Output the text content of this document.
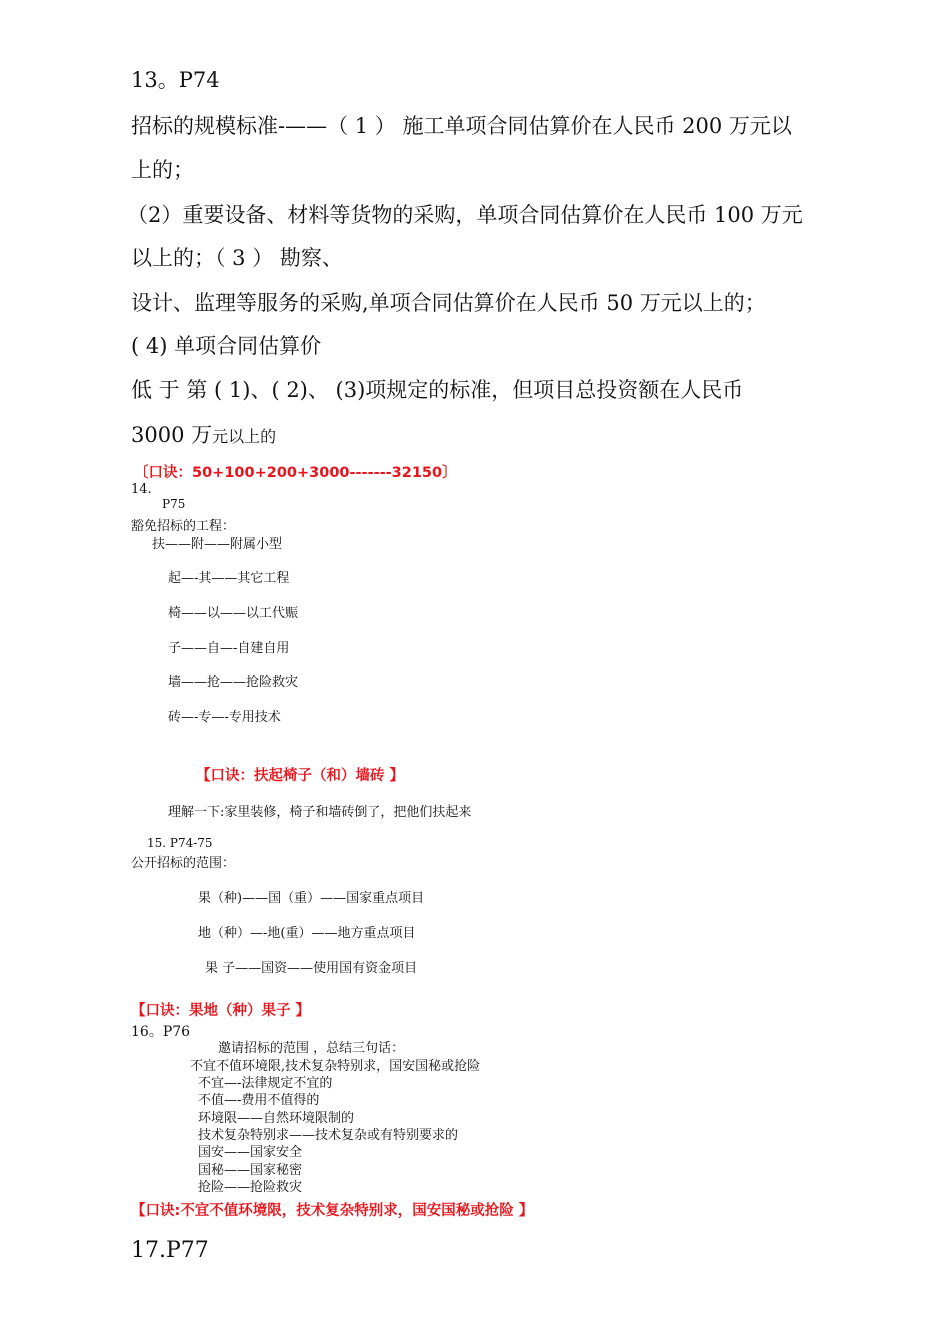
13。P74
招标的规模标准-——（ 1 ） 施工单项合同估算价在人民币 200 万元以
上的；
（2）重要设备、材料等货物的采购，单项合同估算价在人民币 100 万元
以上的；（ 3 ） 勘察、
设计、监理等服务的采购,单项合同估算价在人民币 50 万元以上的；
( 4) 单项合同估算价
低 于 第 ( 1)、( 2)、 (3)项规定的标准，但项目总投资额在人民币
3000 万元以上的
〔口诀：50+100+200+3000-------32150〕
14.
P75
豁免招标的工程：
扶——附——附属小型
起—-其——其它工程
椅——以——以工代赈
子——自—-自建自用
墙——抢——抢险救灾
砖—-专—-专用技术
【口诀：扶起椅子（和）墙砖 】
理解一下:家里装修，椅子和墙砖倒了，把他们扶起来
15. P74-75
公开招标的范围：
果（种)——国（重）——国家重点项目
地（种）—-地(重）——地方重点项目
果 子——国资——使用国有资金项目
【口诀：果地（种）果子 】
16。P76
邀请招标的范围 ，总结三句话：
不宜不值环境限,技术复杂特别求，国安国秘或抢险
不宜—-法律规定不宜的
不值—-费用不值得的
环境限——自然环境限制的
技术复杂特别求——技术复杂或有特别要求的
国安——国家安全
国秘——国家秘密
抢险——抢险救灾
【口诀:不宜不值环境限，技术复杂特别求，国安国秘或抢险 】
17.P77
